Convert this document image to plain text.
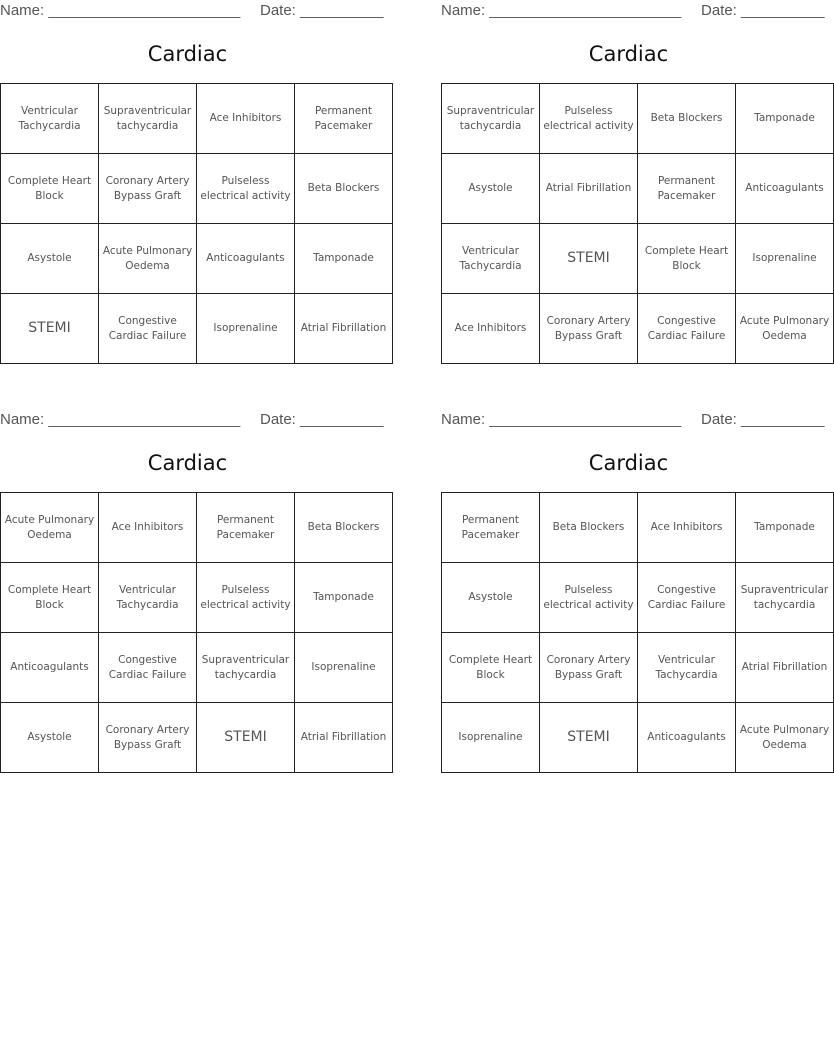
Name: _______________________ Date: __________
Cardiac
Ventricular Tachycardia	Supraventricular tachycardia	Ace Inhibitors	Permanent Pacemaker
Complete Heart Block	Coronary Artery Bypass Graft	Pulseless electrical activity	Beta Blockers
Asystole	Acute Pulmonary Oedema	Anticoagulants	Tamponade
STEMI	Congestive Cardiac Failure	Isoprenaline	Atrial Fibrillation
Name: _______________________ Date: __________
Cardiac
Supraventricular tachycardia	Pulseless electrical activity	Beta Blockers	Tamponade
Asystole	Atrial Fibrillation	Permanent Pacemaker	Anticoagulants
Ventricular Tachycardia	STEMI	Complete Heart Block	Isoprenaline
Ace Inhibitors	Coronary Artery Bypass Graft	Congestive Cardiac Failure	Acute Pulmonary Oedema
Name: _______________________ Date: __________
Cardiac
Acute Pulmonary Oedema	Ace Inhibitors	Permanent Pacemaker	Beta Blockers
Complete Heart Block	Ventricular Tachycardia	Pulseless electrical activity	Tamponade
Anticoagulants	Congestive Cardiac Failure	Supraventricular tachycardia	Isoprenaline
Asystole	Coronary Artery Bypass Graft	STEMI	Atrial Fibrillation
Name: _______________________ Date: __________
Cardiac
Permanent Pacemaker	Beta Blockers	Ace Inhibitors	Tamponade
Asystole	Pulseless electrical activity	Congestive Cardiac Failure	Supraventricular tachycardia
Complete Heart Block	Coronary Artery Bypass Graft	Ventricular Tachycardia	Atrial Fibrillation
Isoprenaline	STEMI	Anticoagulants	Acute Pulmonary Oedema
